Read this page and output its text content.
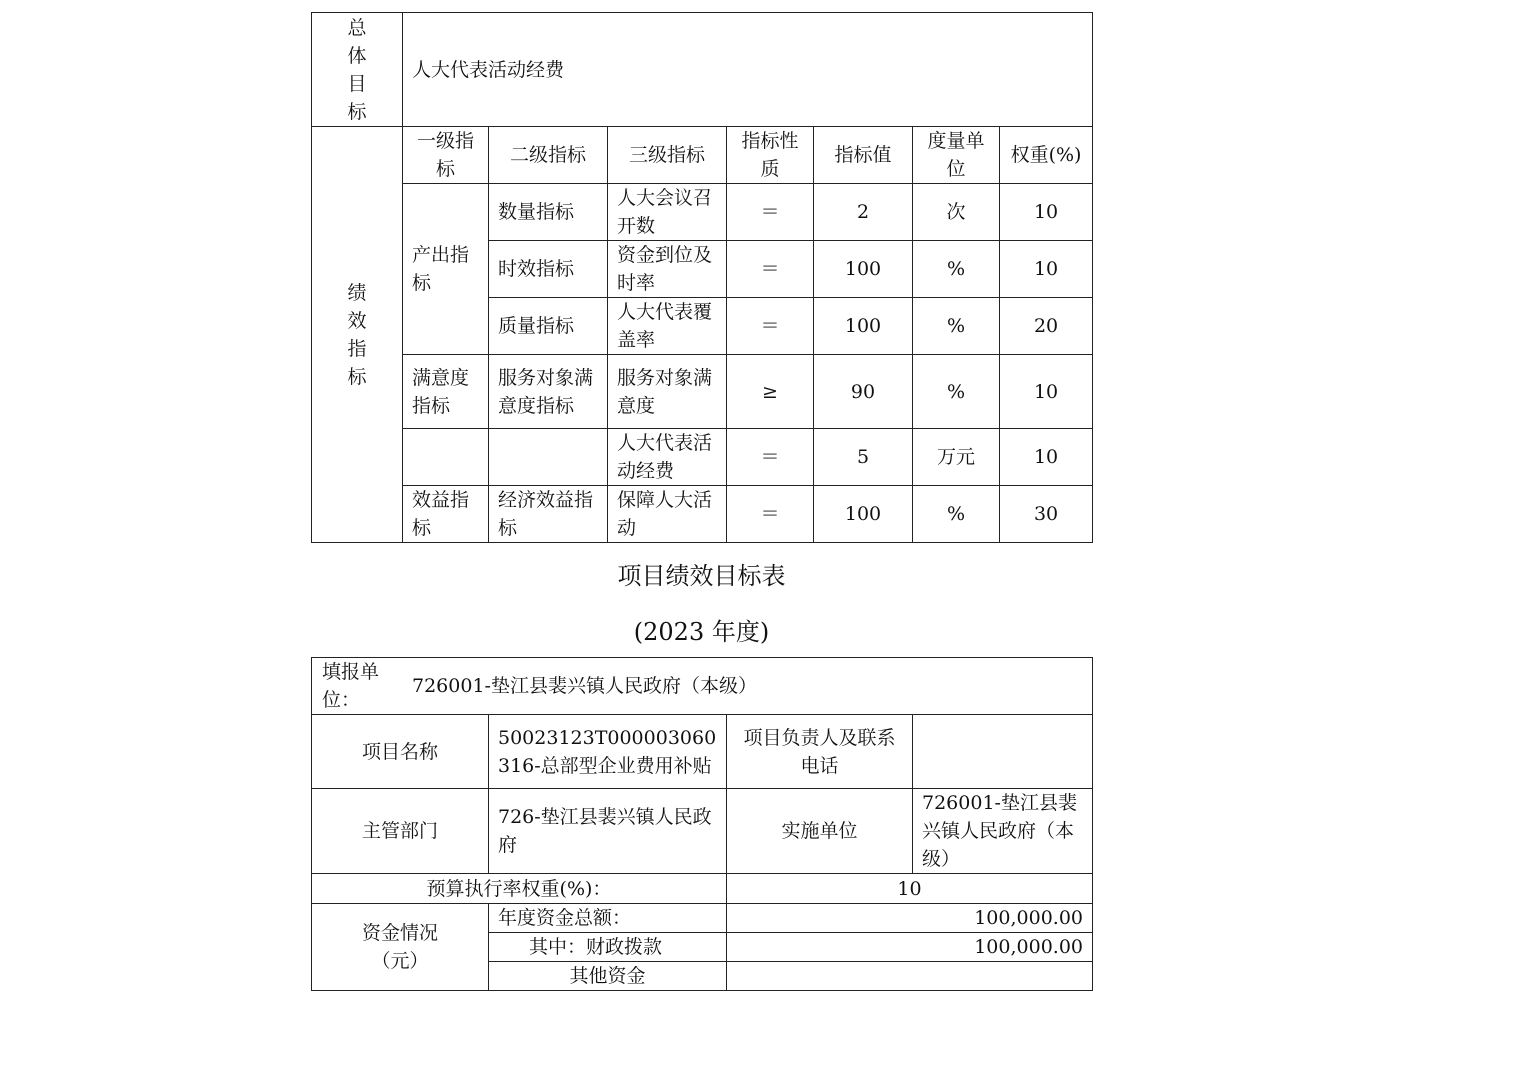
总体目标	人大代表活动经费						
绩效指标	一级指标	二级指标	三级指标	指标性质	指标值	度量单位	权重(%)
	产出指标	数量指标	人大会议召开数	＝	2	次	10
		时效指标	资金到位及时率	＝	100	%	10
		质量指标	人大代表覆盖率	＝	100	%	20
	满意度指标	服务对象满意度指标	服务对象满意度	≥	90	%	10
			人大代表活动经费	＝	5	万元	10
	效益指标	经济效益指标	保障人大活动	＝	100	%	30
项目绩效目标表
(2023 年度)
填报单位：
726001-垫江县裴兴镇人民政府（本级）			

项目名称	50023123T000003060316-总部型企业费用补贴	项目负责人及联系电话	
主管部门	726-垫江县裴兴镇人民政府	实施单位	726001-垫江县裴兴镇人民政府（本级）
预算执行率权重(%)：		10	
资金情况（元）	年度资金总额：	100,000.00	
	其中：财政拨款	100,000.00	
	其他资金		
